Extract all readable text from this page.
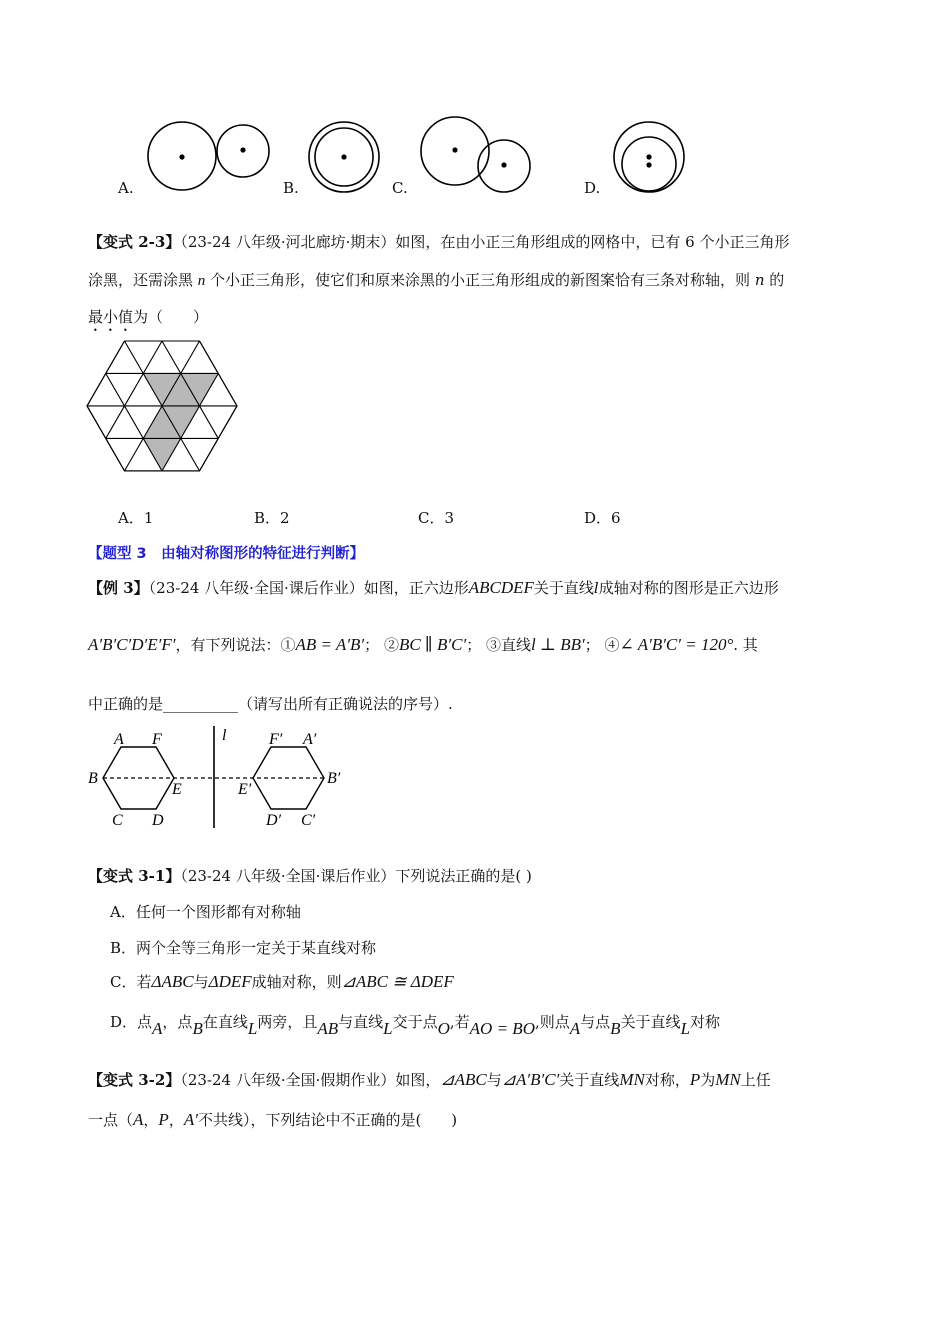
A.	B.	C.	D.
【变式 2-3】（23-24 八年级·河北廊坊·期末）如图，在由小正三角形组成的网格中，已有 6 个小正三角形
涂黑，还需涂黑 n 个小正三角形，使它们和原来涂黑的小正三角形组成的新图案恰有三条对称轴，则 n 的
最小值为（　　）
A．1	B．2	C．3	D．6
【题型 3　由轴对称图形的特征进行判断】
【例 3】（23-24 八年级·全国·课后作业）如图，正六边形ABCDEF关于直线l成轴对称的图形是正六边形
A′B′C′D′E′F′，有下列说法：①AB = A′B′； ②BC ∥ B′C′； ③直线l ⊥ BB′； ④∠ A′B′C′ = 120°. 其
中正确的是__________（请写出所有正确说法的序号）.
A F
B
E
C D
l	F′ A′
E′
B′
D′ C′
【变式 3-1】（23-24 八年级·全国·课后作业）下列说法正确的是( )
A．任何一个图形都有对称轴
B．两个全等三角形一定关于某直线对称
C．若ΔABC与ΔDEF成轴对称，则⊿ABC ≅ ΔDEF
D．点A，点B在直线L两旁，且AB与直线L交于点O,若AO = BO,则点A与点B关于直线L对称
【变式 3-2】（23-24 八年级·全国·假期作业）如图，⊿ABC与⊿A′B′C′关于直线MN对称，P为MN上任
一点（A，P，A′不共线），下列结论中不正确的是(　　)
